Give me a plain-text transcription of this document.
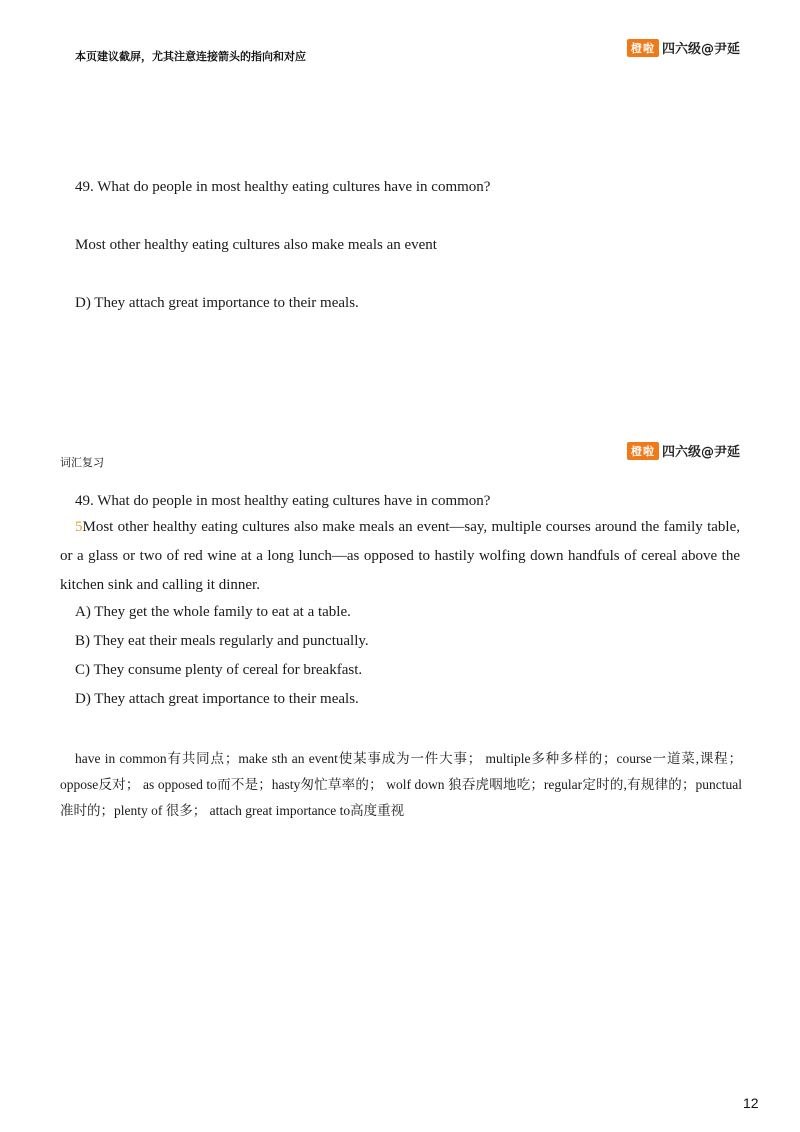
本页建议截屏，尤其注意连接箭头的指向和对应
橙啦 四六级@尹延
49. What do people in most healthy eating cultures have in common?
Most other healthy eating cultures also make meals an event
D) They attach great importance to their meals.
词汇复习
橙啦 四六级@尹延
49. What do people in most healthy eating cultures have in common?
5Most other healthy eating cultures also make meals an event—say, multiple courses around the family table, or a glass or two of red wine at a long lunch—as opposed to hastily wolfing down handfuls of cereal above the kitchen sink and calling it dinner.
A) They get the whole family to eat at a table.
B) They eat their meals regularly and punctually.
C) They consume plenty of cereal for breakfast.
D) They attach great importance to their meals.
have in common有共同点；make sth an event使某事成为一件大事； multiple多种多样的；course一道菜,课程； oppose反对； as opposed to而不是；hasty匆忙草率的； wolf down 狼吞虎咽地吃；regular定时的,有规律的；punctual准时的；plenty of 很多； attach great importance to高度重视
12
